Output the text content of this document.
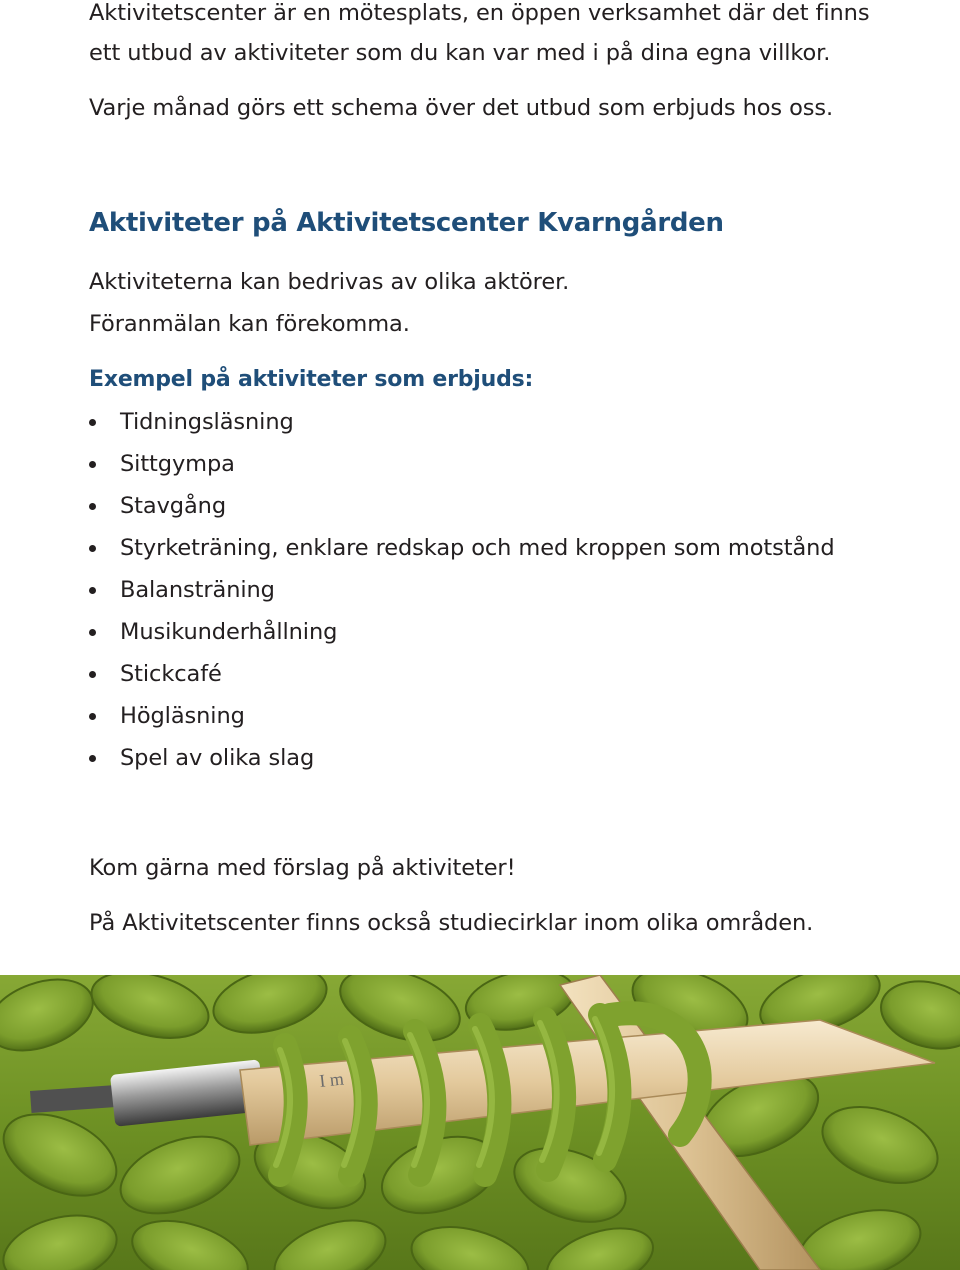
Aktivitetscenter är en mötesplats, en öppen verksamhet där det finns

ett utbud av aktiviteter som du kan var med i på dina egna villkor.

Varje månad görs ett schema över det utbud som erbjuds hos oss.

Aktiviteter på Aktivitetscenter Kvarngården

Aktiviteterna kan bedrivas av olika aktörer.

Föranmälan kan förekomma.

Exempel på aktiviteter som erbjuds:
Tidningsläsning
Sittgympa
Stavgång
Styrketräning, enklare redskap och med kroppen som motstånd
Balansträning
Musikunderhållning
Stickcafé
Högläsning
Spel av olika slag

Kom gärna med förslag på aktiviteter!

På Aktivitetscenter finns också studiecirklar inom olika områden.

I m
